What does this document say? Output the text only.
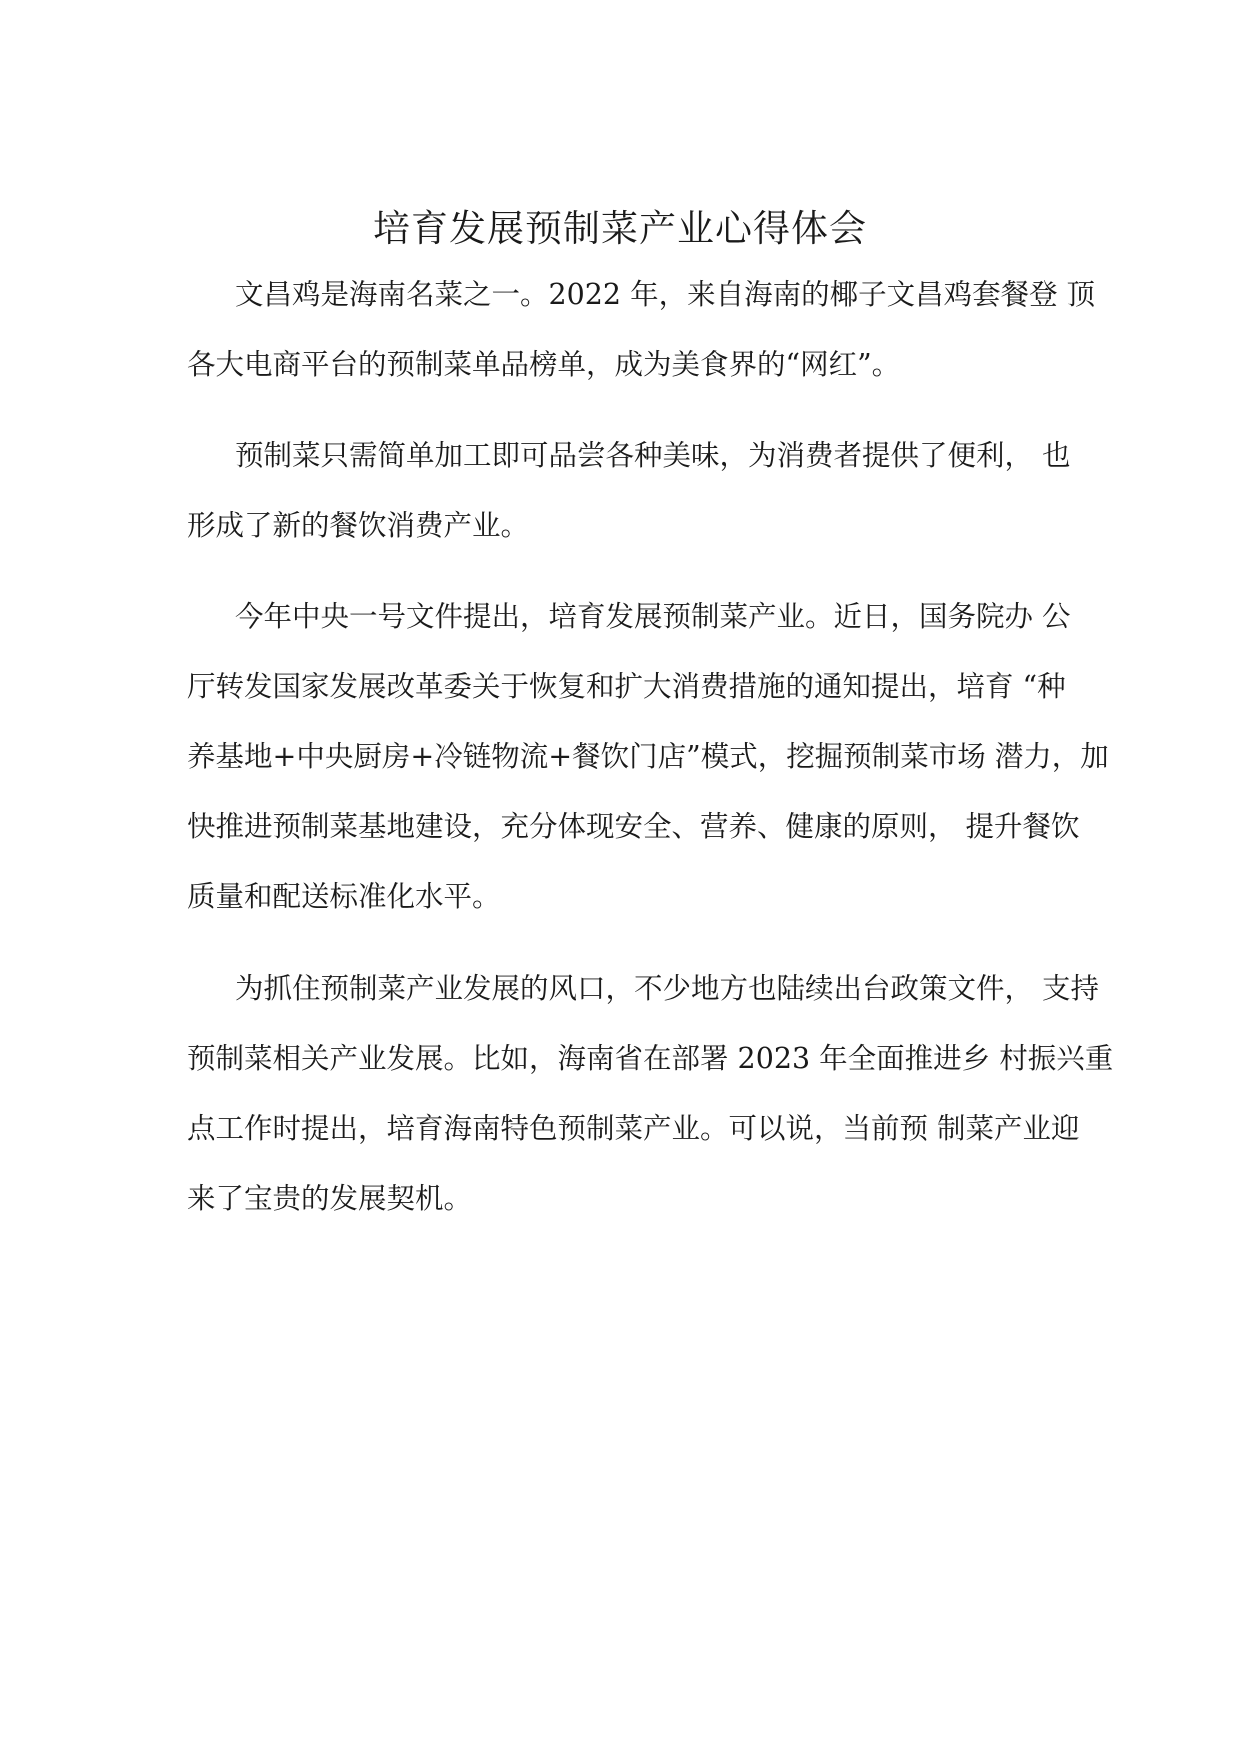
培育发展预制菜产业心得体会
文昌鸡是海南名菜之一。2022 年，来自海南的椰子文昌鸡套餐登 顶
各大电商平台的预制菜单品榜单，成为美食界的“网红”。
预制菜只需简单加工即可品尝各种美味，为消费者提供了便利， 也
形成了新的餐饮消费产业。
今年中央一号文件提出，培育发展预制菜产业。近日，国务院办 公
厅转发国家发展改革委关于恢复和扩大消费措施的通知提出，培育 “种
养基地+中央厨房+冷链物流+餐饮门店”模式，挖掘预制菜市场 潜力，加
快推进预制菜基地建设，充分体现安全、营养、健康的原则， 提升餐饮
质量和配送标准化水平。
为抓住预制菜产业发展的风口，不少地方也陆续出台政策文件， 支持
预制菜相关产业发展。比如，海南省在部署 2023 年全面推进乡 村振兴重
点工作时提出，培育海南特色预制菜产业。可以说，当前预 制菜产业迎
来了宝贵的发展契机。
